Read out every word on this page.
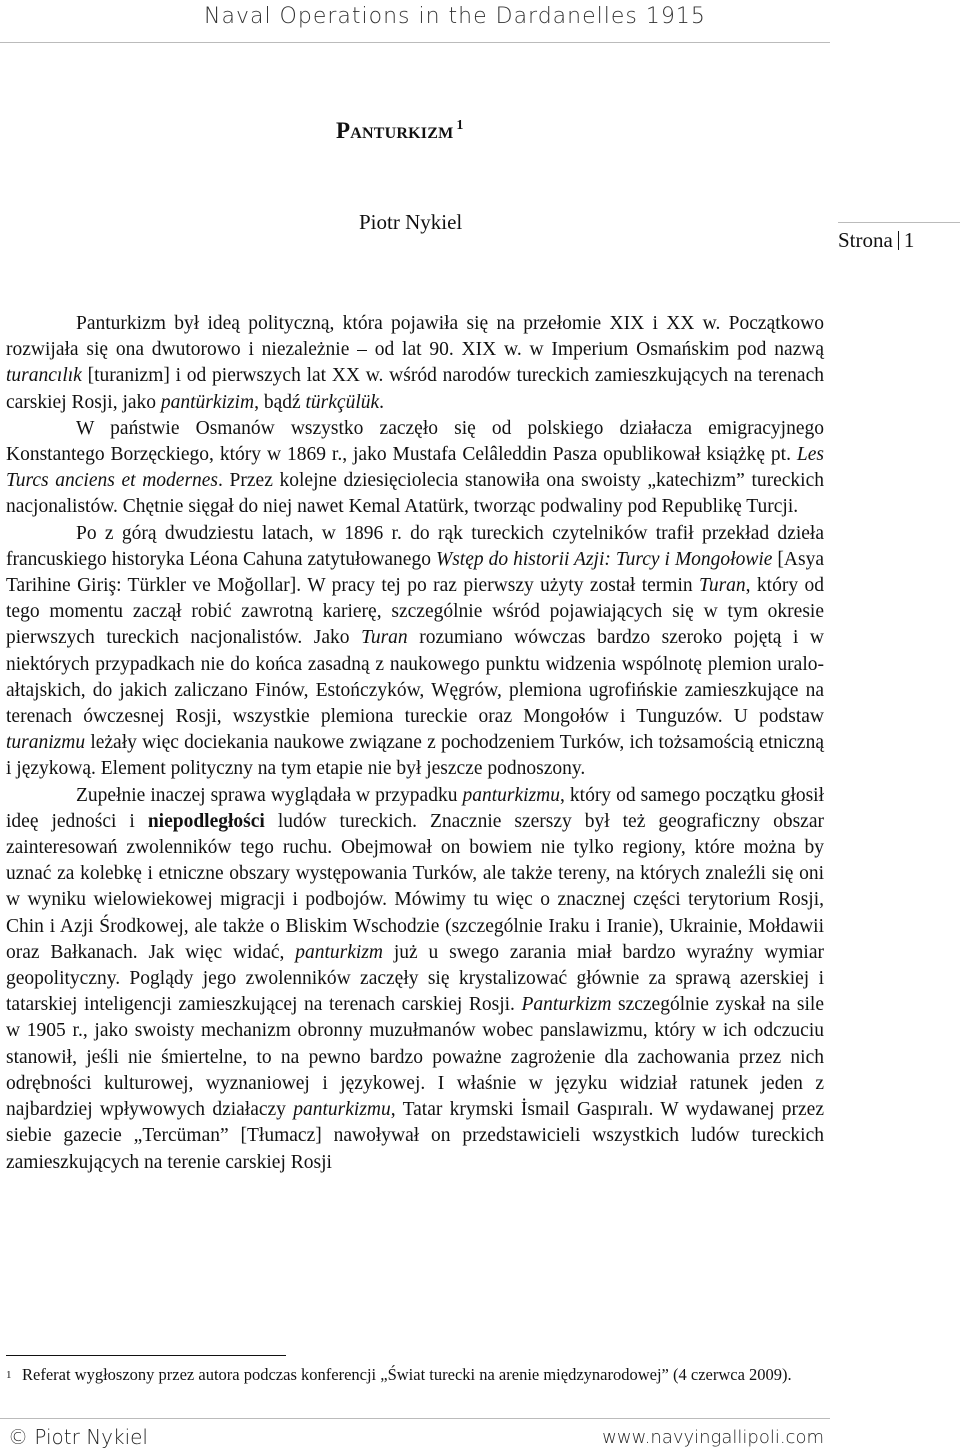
Naval Operations in the Dardanelles 1915
Strona 1
Panturkizm $^1$
Piotr Nykiel

Panturkizm był ideą polityczną, która pojawiła się na przełomie XIX i XX w. Początkowo rozwijała się ona dwutorowo i niezależnie – od lat 90. XIX w. w Imperium Osmańskim pod nazwą turancılık [turanizm] i od pierwszych lat XX w. wśród narodów tureckich zamieszkujących na terenach carskiej Rosji, jako pantürkizim, bądź türkçülük.

W państwie Osmanów wszystko zaczęło się od polskiego działacza emigracyjnego Konstantego Borzęckiego, który w 1869 r., jako Mustafa Celâleddin Pasza opublikował książkę pt. Les Turcs anciens et modernes. Przez kolejne dziesięciolecia stanowiła ona swoisty „katechizm” tureckich nacjonalistów. Chętnie sięgał do niej nawet Kemal Atatürk, tworząc podwaliny pod Republikę Turcji.

Po z górą dwudziestu latach, w 1896 r. do rąk tureckich czytelników trafił przekład dzieła francuskiego historyka Léona Cahuna zatytułowanego Wstęp do historii Azji: Turcy i Mongołowie [Asya Tarihine Giriş: Türkler ve Moğollar]. W pracy tej po raz pierwszy użyty został termin Turan, który od tego momentu zaczął robić zawrotną karierę, szczególnie wśród pojawiających się w tym okresie pierwszych tureckich nacjonalistów. Jako Turan rozumiano wówczas bardzo szeroko pojętą i w niektórych przypadkach nie do końca zasadną z naukowego punktu widzenia wspólnotę plemion uralo-ałtajskich, do jakich zaliczano Finów, Estończyków, Węgrów, plemiona ugrofińskie zamieszkujące na terenach ówczesnej Rosji, wszystkie plemiona tureckie oraz Mongołów i Tunguzów. U podstaw turanizmu leżały więc dociekania naukowe związane z pochodzeniem Turków, ich tożsamością etniczną i językową. Element polityczny na tym etapie nie był jeszcze podnoszony.

Zupełnie inaczej sprawa wyglądała w przypadku panturkizmu, który od samego początku głosił ideę jedności i niepodległości ludów tureckich. Znacznie szerszy był też geograficzny obszar zainteresowań zwolenników tego ruchu. Obejmował on bowiem nie tylko regiony, które można by uznać za kolebkę i etniczne obszary występowania Turków, ale także tereny, na których znaleźli się oni w wyniku wielowiekowej migracji i podbojów. Mówimy tu więc o znacznej części terytorium Rosji, Chin i Azji Środkowej, ale także o Bliskim Wschodzie (szczególnie Iraku i Iranie), Ukrainie, Mołdawii oraz Bałkanach. Jak więc widać, panturkizm już u swego zarania miał bardzo wyraźny wymiar geopolityczny. Poglądy jego zwolenników zaczęły się krystalizować głównie za sprawą azerskiej i tatarskiej inteligencji zamieszkującej na terenach carskiej Rosji. Panturkizm szczególnie zyskał na sile w 1905 r., jako swoisty mechanizm obronny muzułmanów wobec panslawizmu, który w ich odczuciu stanowił, jeśli nie śmiertelne, to na pewno bardzo poważne zagrożenie dla zachowania przez nich odrębności kulturowej, wyznaniowej i językowej. I właśnie w języku widział ratunek jeden z najbardziej wpływowych działaczy panturkizmu, Tatar krymski İsmail Gaspıralı. W wydawanej przez siebie gazecie „Tercüman” [Tłumacz] nawoływał on przedstawicieli wszystkich ludów tureckich zamieszkujących na terenie carskiej Rosji

1 Referat wygłoszony przez autora podczas konferencji „Świat turecki na arenie międzynarodowej” (4 czerwca 2009).
© Piotr Nykiel	www.navyingallipoli.com
